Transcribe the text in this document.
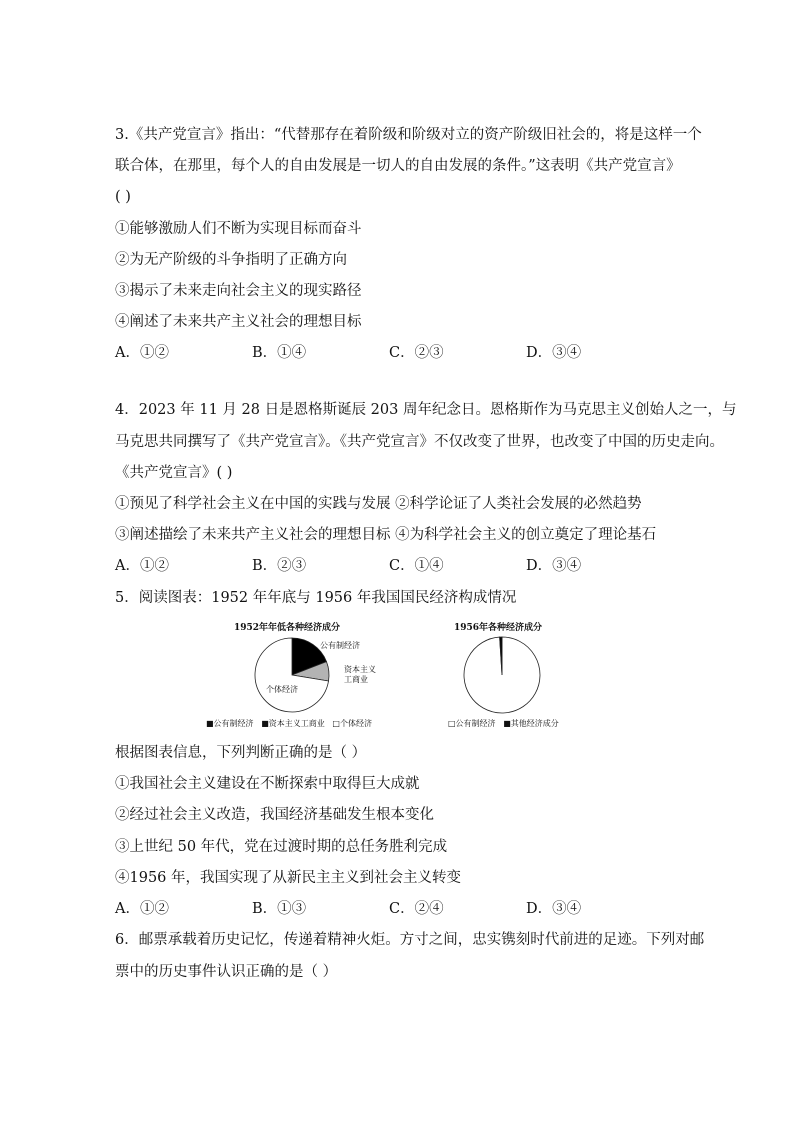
3.《共产党宣言》指出：“代替那存在着阶级和阶级对立的资产阶级旧社会的，将是这样一个
联合体，在那里，每个人的自由发展是一切人的自由发展的条件。”这表明《共产党宣言》
( )
①能够激励人们不断为实现目标而奋斗
②为无产阶级的斗争指明了正确方向
③揭示了未来走向社会主义的现实路径
④阐述了未来共产主义社会的理想目标
A．①②	B．①④	C．②③	D．③④
4．2023 年 11 月 28 日是恩格斯诞辰 203 周年纪念日。恩格斯作为马克思主义创始人之一，与
马克思共同撰写了《共产党宣言》。《共产党宣言》不仅改变了世界，也改变了中国的历史走向。
《共产党宣言》( )
①预见了科学社会主义在中国的实践与发展 ②科学论证了人类社会发展的必然趋势
③阐述描绘了未来共产主义社会的理想目标 ④为科学社会主义的创立奠定了理论基石
A．①②	B．②③	C．①④	D．③④
5．阅读图表：1952 年年底与 1956 年我国国民经济构成情况
1952年年低各种经济成分
公有制经济
资本主义
工商业
个体经济
■公有制经济 ■资本主义工商业 □个体经济
1956年各种经济成分
□公有制经济 ■其他经济成分
根据图表信息，下列判断正确的是（ ）
①我国社会主义建设在不断探索中取得巨大成就
②经过社会主义改造，我国经济基础发生根本变化
③上世纪 50 年代，党在过渡时期的总任务胜利完成
④1956 年，我国实现了从新民主主义到社会主义转变
A．①②	B．①③	C．②④	D．③④
6．邮票承载着历史记忆，传递着精神火炬。方寸之间，忠实镌刻时代前进的足迹。下列对邮
票中的历史事件认识正确的是（ ）
